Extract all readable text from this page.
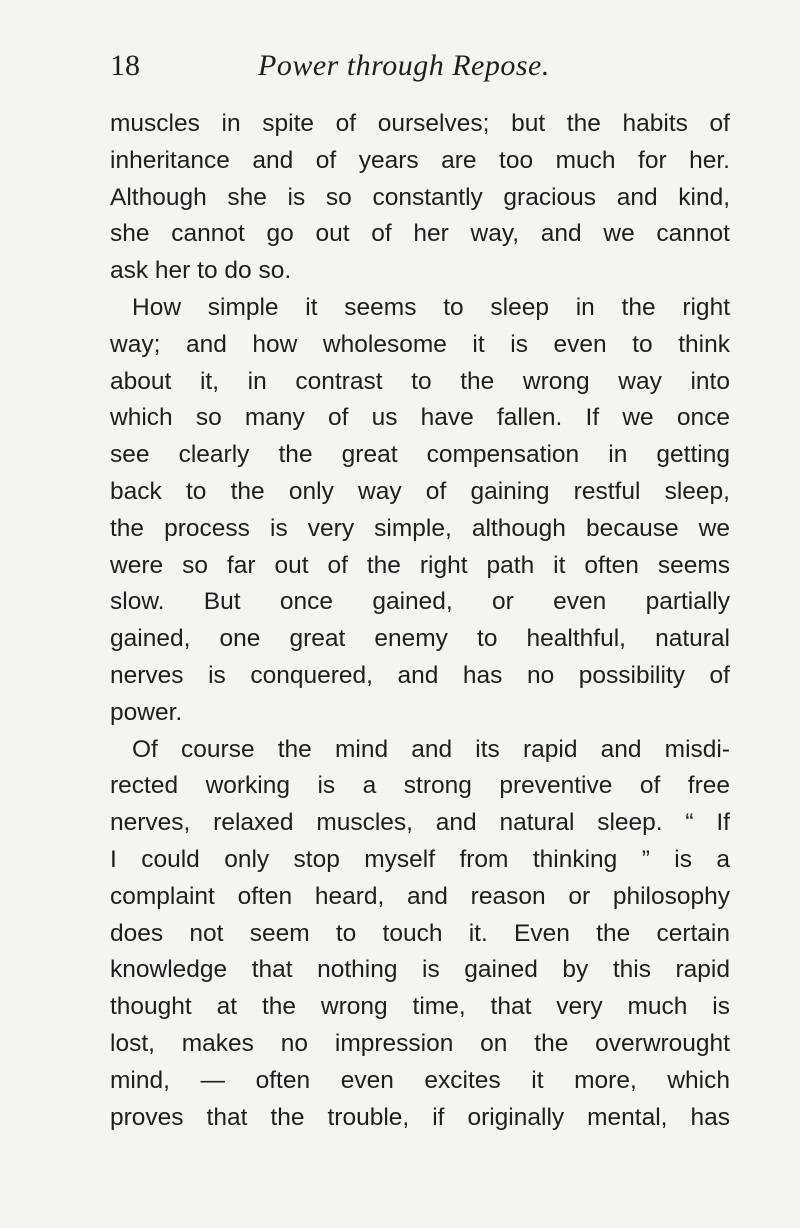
18	Power through Repose.
muscles in spite of ourselves; but the habits of
inheritance and of years are too much for her.
Although she is so constantly gracious and kind,
she cannot go out of her way, and we cannot
ask her to do so.
How simple it seems to sleep in the right
way; and how wholesome it is even to think
about it, in contrast to the wrong way into
which so many of us have fallen. If we once
see clearly the great compensation in getting
back to the only way of gaining restful sleep,
the process is very simple, although because we
were so far out of the right path it often seems
slow. But once gained, or even partially
gained, one great enemy to healthful, natural
nerves is conquered, and has no possibility of
power.
Of course the mind and its rapid and misdi-
rected working is a strong preventive of free
nerves, relaxed muscles, and natural sleep. “ If
I could only stop myself from thinking ” is a
complaint often heard, and reason or philosophy
does not seem to touch it. Even the certain
knowledge that nothing is gained by this rapid
thought at the wrong time, that very much is
lost, makes no impression on the overwrought
mind, — often even excites it more, which
proves that the trouble, if originally mental, has
